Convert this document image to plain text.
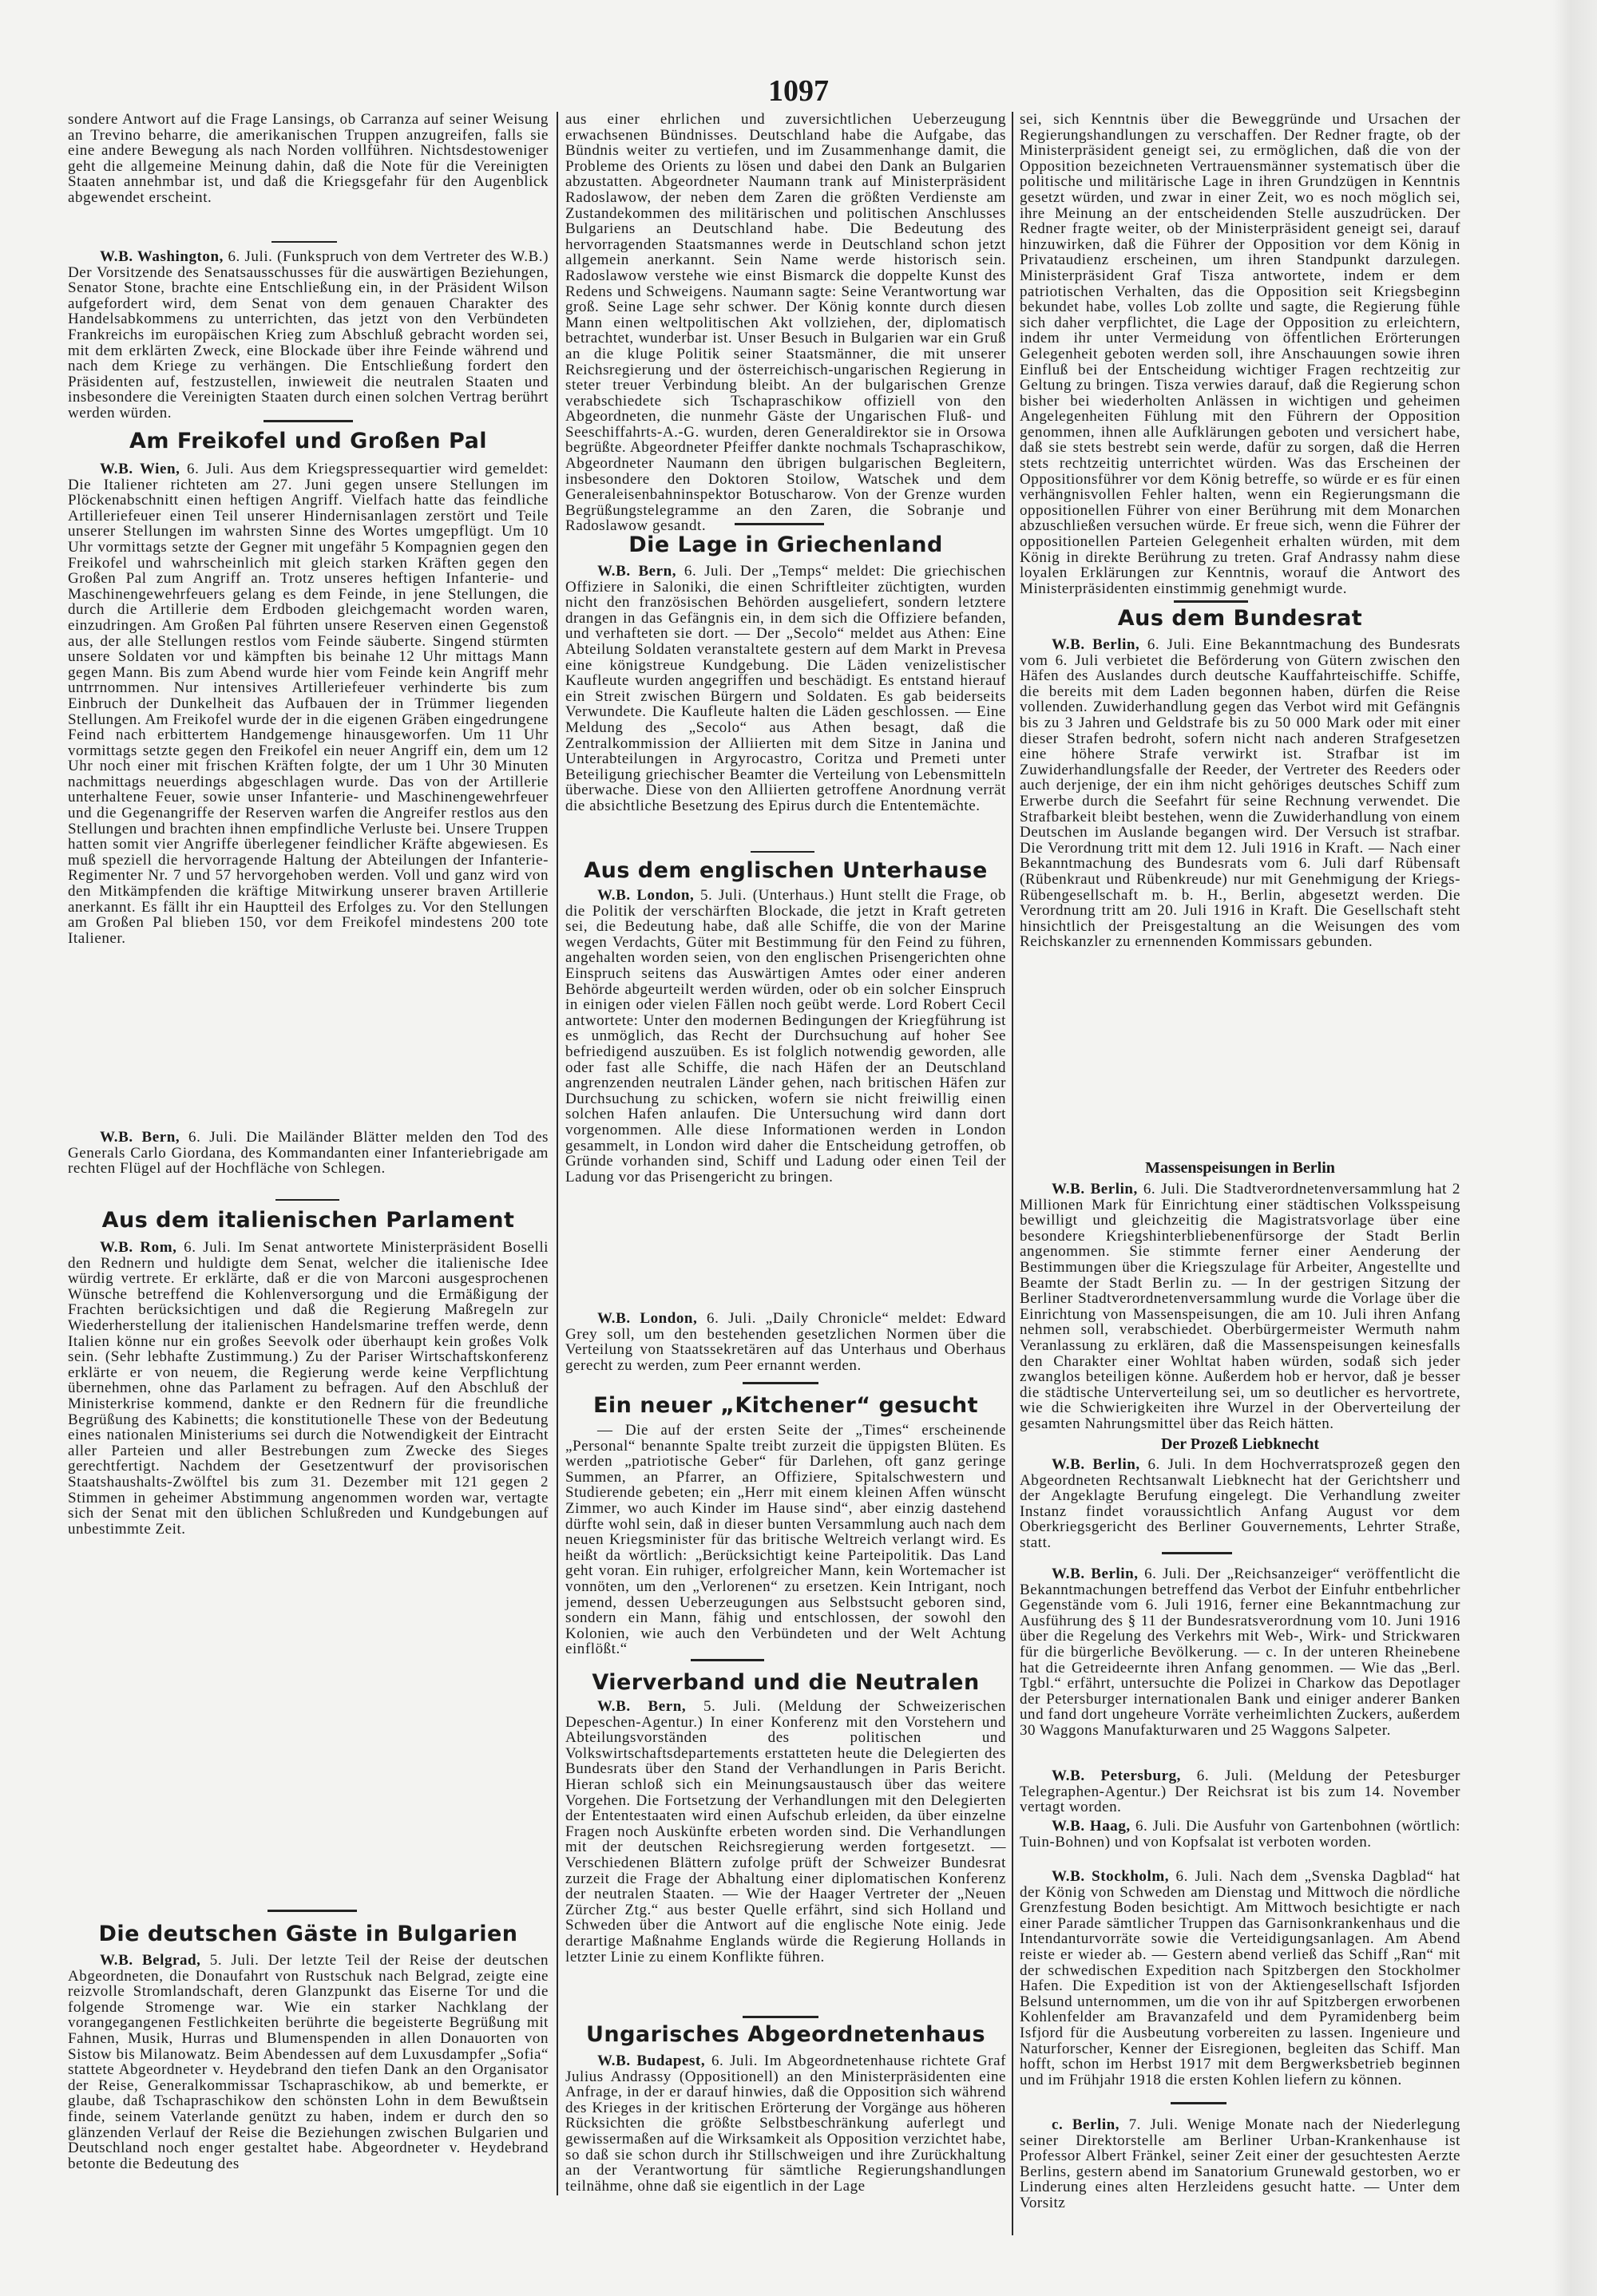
1097

sondere Antwort auf die Frage Lansings, ob Carranza auf seiner Weisung an Trevino beharre, die amerikanischen Truppen anzugreifen, falls sie eine andere Bewegung als nach Norden vollführen. Nichtsdestoweniger geht die allgemeine Meinung dahin, daß die Note für die Vereinigten Staaten annehmbar ist, und daß die Kriegsgefahr für den Augenblick abgewendet erscheint.

W.B. Washington, 6. Juli. (Funkspruch von dem Vertreter des W.B.) Der Vorsitzende des Senatsausschusses für die auswärtigen Beziehungen, Senator Stone, brachte eine Entschließung ein, in der Präsident Wilson aufgefordert wird, dem Senat von dem genauen Charakter des Handelsabkommens zu unterrichten, das jetzt von den Verbündeten Frankreichs im europäischen Krieg zum Abschluß gebracht worden sei, mit dem erklärten Zweck, eine Blockade über ihre Feinde während und nach dem Kriege zu verhängen. Die Entschließung fordert den Präsidenten auf, festzustellen, inwieweit die neutralen Staaten und insbesondere die Vereinigten Staaten durch einen solchen Vertrag berührt werden würden.

Am Freikofel und Großen Pal

W.B. Wien, 6. Juli. Aus dem Kriegspressequartier wird gemeldet: Die Italiener richteten am 27. Juni gegen unsere Stellungen im Plöckenabschnitt einen heftigen Angriff. Vielfach hatte das feindliche Artilleriefeuer einen Teil unserer Hindernisanlagen zerstört und Teile unserer Stellungen im wahrsten Sinne des Wortes umgepflügt. Um 10 Uhr vormittags setzte der Gegner mit ungefähr 5 Kompagnien gegen den Freikofel und wahrscheinlich mit gleich starken Kräften gegen den Großen Pal zum Angriff an. Trotz unseres heftigen Infanterie- und Maschinengewehrfeuers gelang es dem Feinde, in jene Stellungen, die durch die Artillerie dem Erdboden gleichgemacht worden waren, einzudringen. Am Großen Pal führten unsere Reserven einen Gegenstoß aus, der alle Stellungen restlos vom Feinde säuberte. Singend stürmten unsere Soldaten vor und kämpften bis beinahe 12 Uhr mittags Mann gegen Mann. Bis zum Abend wurde hier vom Feinde kein Angriff mehr untrrnommen. Nur intensives Artilleriefeuer verhinderte bis zum Einbruch der Dunkelheit das Aufbauen der in Trümmer liegenden Stellungen. Am Freikofel wurde der in die eigenen Gräben eingedrungene Feind nach erbittertem Handgemenge hinausgeworfen. Um 11 Uhr vormittags setzte gegen den Freikofel ein neuer Angriff ein, dem um 12 Uhr noch einer mit frischen Kräften folgte, der um 1 Uhr 30 Minuten nachmittags neuerdings abgeschlagen wurde. Das von der Artillerie unterhaltene Feuer, sowie unser Infanterie- und Maschinengewehrfeuer und die Gegenangriffe der Reserven warfen die Angreifer restlos aus den Stellungen und brachten ihnen empfindliche Verluste bei. Unsere Truppen hatten somit vier Angriffe überlegener feindlicher Kräfte abgewiesen. Es muß speziell die hervorragende Haltung der Abteilungen der Infanterie-Regimenter Nr. 7 und 57 hervorgehoben werden. Voll und ganz wird von den Mitkämpfenden die kräftige Mitwirkung unserer braven Artillerie anerkannt. Es fällt ihr ein Hauptteil des Erfolges zu. Vor den Stellungen am Großen Pal blieben 150, vor dem Freikofel mindestens 200 tote Italiener.

W.B. Bern, 6. Juli. Die Mailänder Blätter melden den Tod des Generals Carlo Giordana, des Kommandanten einer Infanteriebrigade am rechten Flügel auf der Hochfläche von Schlegen.

Aus dem italienischen Parlament

W.B. Rom, 6. Juli. Im Senat antwortete Ministerpräsident Boselli den Rednern und huldigte dem Senat, welcher die italienische Idee würdig vertrete. Er erklärte, daß er die von Marconi ausgesprochenen Wünsche betreffend die Kohlenversorgung und die Ermäßigung der Frachten berücksichtigen und daß die Regierung Maßregeln zur Wiederherstellung der italienischen Handelsmarine treffen werde, denn Italien könne nur ein großes Seevolk oder überhaupt kein großes Volk sein. (Sehr lebhafte Zustimmung.) Zu der Pariser Wirtschaftskonferenz erklärte er von neuem, die Regierung werde keine Verpflichtung übernehmen, ohne das Parlament zu befragen. Auf den Abschluß der Ministerkrise kommend, dankte er den Rednern für die freundliche Begrüßung des Kabinetts; die konstitutionelle These von der Bedeutung eines nationalen Ministeriums sei durch die Notwendigkeit der Eintracht aller Parteien und aller Bestrebungen zum Zwecke des Sieges gerechtfertigt. Nachdem der Gesetzentwurf der provisorischen Staatshaushalts-Zwölftel bis zum 31. Dezember mit 121 gegen 2 Stimmen in geheimer Abstimmung angenommen worden war, vertagte sich der Senat mit den üblichen Schlußreden und Kundgebungen auf unbestimmte Zeit.

Die deutschen Gäste in Bulgarien

W.B. Belgrad, 5. Juli. Der letzte Teil der Reise der deutschen Abgeordneten, die Donaufahrt von Rustschuk nach Belgrad, zeigte eine reizvolle Stromlandschaft, deren Glanzpunkt das Eiserne Tor und die folgende Stromenge war. Wie ein starker Nachklang der vorangegangenen Festlichkeiten berührte die begeisterte Begrüßung mit Fahnen, Musik, Hurras und Blumenspenden in allen Donauorten von Sistow bis Milanowatz. Beim Abendessen auf dem Luxusdampfer „Sofia“ stattete Abgeordneter v. Heydebrand den tiefen Dank an den Organisator der Reise, Generalkommissar Tschapraschikow, ab und bemerkte, er glaube, daß Tschapraschikow den schönsten Lohn in dem Bewußtsein finde, seinem Vaterlande genützt zu haben, indem er durch den so glänzenden Verlauf der Reise die Beziehungen zwischen Bulgarien und Deutschland noch enger gestaltet habe. Abgeordneter v. Heydebrand betonte die Bedeutung des

aus einer ehrlichen und zuversichtlichen Ueberzeugung erwachsenen Bündnisses. Deutschland habe die Aufgabe, das Bündnis weiter zu vertiefen, und im Zusammenhange damit, die Probleme des Orients zu lösen und dabei den Dank an Bulgarien abzustatten. Abgeordneter Naumann trank auf Ministerpräsident Radoslawow, der neben dem Zaren die größten Verdienste am Zustandekommen des militärischen und politischen Anschlusses Bulgariens an Deutschland habe. Die Bedeutung des hervorragenden Staatsmannes werde in Deutschland schon jetzt allgemein anerkannt. Sein Name werde historisch sein. Radoslawow verstehe wie einst Bismarck die doppelte Kunst des Redens und Schweigens. Naumann sagte: Seine Verantwortung war groß. Seine Lage sehr schwer. Der König konnte durch diesen Mann einen weltpolitischen Akt vollziehen, der, diplomatisch betrachtet, wunderbar ist. Unser Besuch in Bulgarien war ein Gruß an die kluge Politik seiner Staatsmänner, die mit unserer Reichsregierung und der österreichisch-ungarischen Regierung in steter treuer Verbindung bleibt. An der bulgarischen Grenze verabschiedete sich Tschapraschikow offiziell von den Abgeordneten, die nunmehr Gäste der Ungarischen Fluß- und Seeschiffahrts-A.-G. wurden, deren Generaldirektor sie in Orsowa begrüßte. Abgeordneter Pfeiffer dankte nochmals Tschapraschikow, Abgeordneter Naumann den übrigen bulgarischen Begleitern, insbesondere den Doktoren Stoilow, Watschek und dem Generaleisenbahninspektor Botuscharow. Von der Grenze wurden Begrüßungstelegramme an den Zaren, die Sobranje und Radoslawow gesandt.

Die Lage in Griechenland

W.B. Bern, 6. Juli. Der „Temps“ meldet: Die griechischen Offiziere in Saloniki, die einen Schriftleiter züchtigten, wurden nicht den französischen Behörden ausgeliefert, sondern letztere drangen in das Gefängnis ein, in dem sich die Offiziere befanden, und verhafteten sie dort. — Der „Secolo“ meldet aus Athen: Eine Abteilung Soldaten veranstaltete gestern auf dem Markt in Prevesa eine königstreue Kundgebung. Die Läden venizelistischer Kaufleute wurden angegriffen und beschädigt. Es entstand hierauf ein Streit zwischen Bürgern und Soldaten. Es gab beiderseits Verwundete. Die Kaufleute halten die Läden geschlossen. — Eine Meldung des „Secolo“ aus Athen besagt, daß die Zentralkommission der Alliierten mit dem Sitze in Janina und Unterabteilungen in Argyrocastro, Coritza und Premeti unter Beteiligung griechischer Beamter die Verteilung von Lebensmitteln überwache. Diese von den Alliierten getroffene Anordnung verrät die absichtliche Besetzung des Epirus durch die Ententemächte.

Aus dem englischen Unterhause

W.B. London, 5. Juli. (Unterhaus.) Hunt stellt die Frage, ob die Politik der verschärften Blockade, die jetzt in Kraft getreten sei, die Bedeutung habe, daß alle Schiffe, die von der Marine wegen Verdachts, Güter mit Bestimmung für den Feind zu führen, angehalten worden seien, von den englischen Prisengerichten ohne Einspruch seitens das Auswärtigen Amtes oder einer anderen Behörde abgeurteilt werden würden, oder ob ein solcher Einspruch in einigen oder vielen Fällen noch geübt werde. Lord Robert Cecil antwortete: Unter den modernen Bedingungen der Kriegführung ist es unmöglich, das Recht der Durchsuchung auf hoher See befriedigend auszuüben. Es ist folglich notwendig geworden, alle oder fast alle Schiffe, die nach Häfen der an Deutschland angrenzenden neutralen Länder gehen, nach britischen Häfen zur Durchsuchung zu schicken, wofern sie nicht freiwillig einen solchen Hafen anlaufen. Die Untersuchung wird dann dort vorgenommen. Alle diese Informationen werden in London gesammelt, in London wird daher die Entscheidung getroffen, ob Gründe vorhanden sind, Schiff und Ladung oder einen Teil der Ladung vor das Prisengericht zu bringen.

W.B. London, 6. Juli. „Daily Chronicle“ meldet: Edward Grey soll, um den bestehenden gesetzlichen Normen über die Verteilung von Staatssekretären auf das Unterhaus und Oberhaus gerecht zu werden, zum Peer ernannt werden.

Ein neuer „Kitchener“ gesucht

— Die auf der ersten Seite der „Times“ erscheinende „Personal“ benannte Spalte treibt zurzeit die üppigsten Blüten. Es werden „patriotische Geber“ für Darlehen, oft ganz geringe Summen, an Pfarrer, an Offiziere, Spitalschwestern und Studierende gebeten; ein „Herr mit einem kleinen Affen wünscht Zimmer, wo auch Kinder im Hause sind“, aber einzig dastehend dürfte wohl sein, daß in dieser bunten Versammlung auch nach dem neuen Kriegsminister für das britische Weltreich verlangt wird. Es heißt da wörtlich: „Berücksichtigt keine Parteipolitik. Das Land geht voran. Ein ruhiger, erfolgreicher Mann, kein Wortemacher ist vonnöten, um den „Verlorenen“ zu ersetzen. Kein Intrigant, noch jemend, dessen Ueberzeugungen aus Selbstsucht geboren sind, sondern ein Mann, fähig und entschlossen, der sowohl den Kolonien, wie auch den Verbündeten und der Welt Achtung einflößt.“

Vierverband und die Neutralen

W.B. Bern, 5. Juli. (Meldung der Schweizerischen Depeschen-Agentur.) In einer Konferenz mit den Vorstehern und Abteilungsvorständen des politischen und Volkswirtschaftsdepartements erstatteten heute die Delegierten des Bundesrats über den Stand der Verhandlungen in Paris Bericht. Hieran schloß sich ein Meinungsaustausch über das weitere Vorgehen. Die Fortsetzung der Verhandlungen mit den Delegierten der Ententestaaten wird einen Aufschub erleiden, da über einzelne Fragen noch Auskünfte erbeten worden sind. Die Verhandlungen mit der deutschen Reichsregierung werden fortgesetzt. — Verschiedenen Blättern zufolge prüft der Schweizer Bundesrat zurzeit die Frage der Abhaltung einer diplomatischen Konferenz der neutralen Staaten. — Wie der Haager Vertreter der „Neuen Zürcher Ztg.“ aus bester Quelle erfährt, sind sich Holland und Schweden über die Antwort auf die englische Note einig. Jede derartige Maßnahme Englands würde die Regierung Hollands in letzter Linie zu einem Konflikte führen.

Ungarisches Abgeordnetenhaus

W.B. Budapest, 6. Juli. Im Abgeordnetenhause richtete Graf Julius Andrassy (Oppositionell) an den Ministerpräsidenten eine Anfrage, in der er darauf hinwies, daß die Opposition sich während des Krieges in der kritischen Erörterung der Vorgänge aus höheren Rücksichten die größte Selbstbeschränkung auferlegt und gewissermaßen auf die Wirksamkeit als Opposition verzichtet habe, so daß sie schon durch ihr Stillschweigen und ihre Zurückhaltung an der Verantwortung für sämtliche Regierungshandlungen teilnähme, ohne daß sie eigentlich in der Lage

sei, sich Kenntnis über die Beweggründe und Ursachen der Regierungshandlungen zu verschaffen. Der Redner fragte, ob der Ministerpräsident geneigt sei, zu ermöglichen, daß die von der Opposition bezeichneten Vertrauensmänner systematisch über die politische und militärische Lage in ihren Grundzügen in Kenntnis gesetzt würden, und zwar in einer Zeit, wo es noch möglich sei, ihre Meinung an der entscheidenden Stelle auszudrücken. Der Redner fragte weiter, ob der Ministerpräsident geneigt sei, darauf hinzuwirken, daß die Führer der Opposition vor dem König in Privataudienz erscheinen, um ihren Standpunkt darzulegen. Ministerpräsident Graf Tisza antwortete, indem er dem patriotischen Verhalten, das die Opposition seit Kriegsbeginn bekundet habe, volles Lob zollte und sagte, die Regierung fühle sich daher verpflichtet, die Lage der Opposition zu erleichtern, indem ihr unter Vermeidung von öffentlichen Erörterungen Gelegenheit geboten werden soll, ihre Anschauungen sowie ihren Einfluß bei der Entscheidung wichtiger Fragen rechtzeitig zur Geltung zu bringen. Tisza verwies darauf, daß die Regierung schon bisher bei wiederholten Anlässen in wichtigen und geheimen Angelegenheiten Fühlung mit den Führern der Opposition genommen, ihnen alle Aufklärungen geboten und versichert habe, daß sie stets bestrebt sein werde, dafür zu sorgen, daß die Herren stets rechtzeitig unterrichtet würden. Was das Erscheinen der Oppositionsführer vor dem König betreffe, so würde er es für einen verhängnisvollen Fehler halten, wenn ein Regierungsmann die oppositionellen Führer von einer Berührung mit dem Monarchen abzuschließen versuchen würde. Er freue sich, wenn die Führer der oppositionellen Parteien Gelegenheit erhalten würden, mit dem König in direkte Berührung zu treten. Graf Andrassy nahm diese loyalen Erklärungen zur Kenntnis, worauf die Antwort des Ministerpräsidenten einstimmig genehmigt wurde.

Aus dem Bundesrat

W.B. Berlin, 6. Juli. Eine Bekanntmachung des Bundesrats vom 6. Juli verbietet die Beförderung von Gütern zwischen den Häfen des Auslandes durch deutsche Kauffahrteischiffe. Schiffe, die bereits mit dem Laden begonnen haben, dürfen die Reise vollenden. Zuwiderhandlung gegen das Verbot wird mit Gefängnis bis zu 3 Jahren und Geldstrafe bis zu 50 000 Mark oder mit einer dieser Strafen bedroht, sofern nicht nach anderen Strafgesetzen eine höhere Strafe verwirkt ist. Strafbar ist im Zuwiderhandlungsfalle der Reeder, der Vertreter des Reeders oder auch derjenige, der ein ihm nicht gehöriges deutsches Schiff zum Erwerbe durch die Seefahrt für seine Rechnung verwendet. Die Strafbarkeit bleibt bestehen, wenn die Zuwiderhandlung von einem Deutschen im Auslande begangen wird. Der Versuch ist strafbar. Die Verordnung tritt mit dem 12. Juli 1916 in Kraft. — Nach einer Bekanntmachung des Bundesrats vom 6. Juli darf Rübensaft (Rübenkraut und Rübenkreude) nur mit Genehmigung der Kriegs-Rübengesellschaft m. b. H., Berlin, abgesetzt werden. Die Verordnung tritt am 20. Juli 1916 in Kraft. Die Gesellschaft steht hinsichtlich der Preisgestaltung an die Weisungen des vom Reichskanzler zu ernennenden Kommissars gebunden.

Massenspeisungen in Berlin

W.B. Berlin, 6. Juli. Die Stadtverordnetenversammlung hat 2 Millionen Mark für Einrichtung einer städtischen Volksspeisung bewilligt und gleichzeitig die Magistratsvorlage über eine besondere Kriegshinterbliebenenfürsorge der Stadt Berlin angenommen. Sie stimmte ferner einer Aenderung der Bestimmungen über die Kriegszulage für Arbeiter, Angestellte und Beamte der Stadt Berlin zu. — In der gestrigen Sitzung der Berliner Stadtverordnetenversammlung wurde die Vorlage über die Einrichtung von Massenspeisungen, die am 10. Juli ihren Anfang nehmen soll, verabschiedet. Oberbürgermeister Wermuth nahm Veranlassung zu erklären, daß die Massenspeisungen keinesfalls den Charakter einer Wohltat haben würden, sodaß sich jeder zwanglos beteiligen könne. Außerdem hob er hervor, daß je besser die städtische Unterverteilung sei, um so deutlicher es hervortrete, wie die Schwierigkeiten ihre Wurzel in der Oberverteilung der gesamten Nahrungsmittel über das Reich hätten.

Der Prozeß Liebknecht

W.B. Berlin, 6. Juli. In dem Hochverratsprozeß gegen den Abgeordneten Rechtsanwalt Liebknecht hat der Gerichtsherr und der Angeklagte Berufung eingelegt. Die Verhandlung zweiter Instanz findet voraussichtlich Anfang August vor dem Oberkriegsgericht des Berliner Gouvernements, Lehrter Straße, statt.

W.B. Berlin, 6. Juli. Der „Reichsanzeiger“ veröffentlicht die Bekanntmachungen betreffend das Verbot der Einfuhr entbehrlicher Gegenstände vom 6. Juli 1916, ferner eine Bekanntmachung zur Ausführung des § 11 der Bundesratsverordnung vom 10. Juni 1916 über die Regelung des Verkehrs mit Web-, Wirk- und Strickwaren für die bürgerliche Bevölkerung. — c. In der unteren Rheinebene hat die Getreideernte ihren Anfang genommen. — Wie das „Berl. Tgbl.“ erfährt, untersuchte die Polizei in Charkow das Depotlager der Petersburger internationalen Bank und einiger anderer Banken und fand dort ungeheure Vorräte verheimlichten Zuckers, außerdem 30 Waggons Manufakturwaren und 25 Waggons Salpeter.

W.B. Petersburg, 6. Juli. (Meldung der Petesburger Telegraphen-Agentur.) Der Reichsrat ist bis zum 14. November vertagt worden.

W.B. Haag, 6. Juli. Die Ausfuhr von Gartenbohnen (wörtlich: Tuin-Bohnen) und von Kopfsalat ist verboten worden.

W.B. Stockholm, 6. Juli. Nach dem „Svenska Dagblad“ hat der König von Schweden am Dienstag und Mittwoch die nördliche Grenzfestung Boden besichtigt. Am Mittwoch besichtigte er nach einer Parade sämtlicher Truppen das Garnisonkrankenhaus und die Intendanturvorräte sowie die Verteidigungsanlagen. Am Abend reiste er wieder ab. — Gestern abend verließ das Schiff „Ran“ mit der schwedischen Expedition nach Spitzbergen den Stockholmer Hafen. Die Expedition ist von der Aktiengesellschaft Isfjorden Belsund unternommen, um die von ihr auf Spitzbergen erworbenen Kohlenfelder am Bravanzafeld und dem Pyramidenberg beim Isfjord für die Ausbeutung vorbereiten zu lassen. Ingenieure und Naturforscher, Kenner der Eisregionen, begleiten das Schiff. Man hofft, schon im Herbst 1917 mit dem Bergwerksbetrieb beginnen und im Frühjahr 1918 die ersten Kohlen liefern zu können.

c. Berlin, 7. Juli. Wenige Monate nach der Niederlegung seiner Direktorstelle am Berliner Urban-Krankenhause ist Professor Albert Fränkel, seiner Zeit einer der gesuchtesten Aerzte Berlins, gestern abend im Sanatorium Grunewald gestorben, wo er Linderung eines alten Herzleidens gesucht hatte. — Unter dem Vorsitz
